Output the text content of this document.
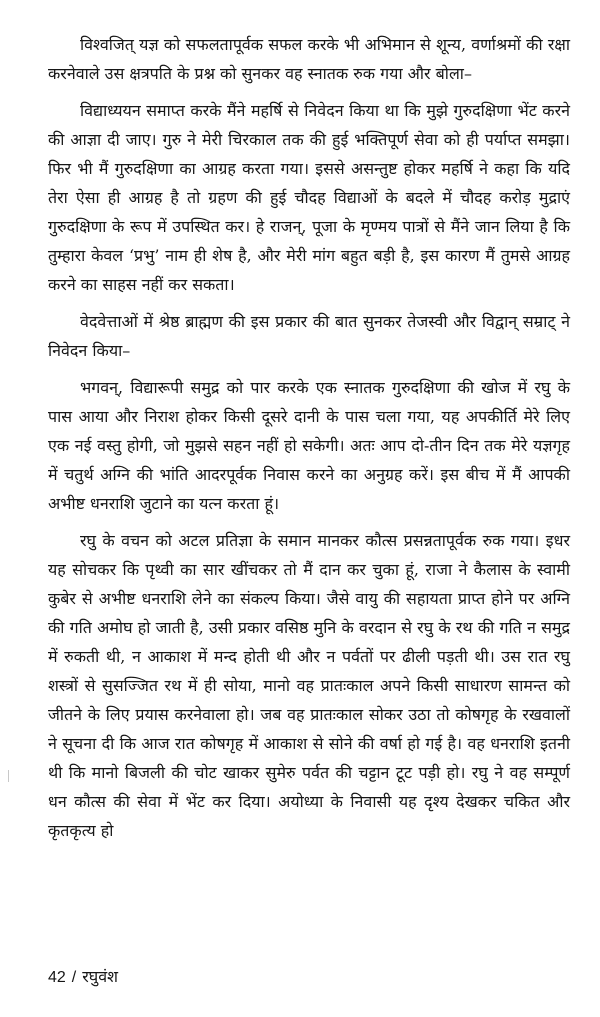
विश्वजित् यज्ञ को सफलतापूर्वक सफल करके भी अभिमान से शून्य, वर्णाश्रमों की रक्षा करनेवाले उस क्षत्रपति के प्रश्न को सुनकर वह स्नातक रुक गया और बोला–

विद्याध्ययन समाप्त करके मैंने महर्षि से निवेदन किया था कि मुझे गुरुदक्षिणा भेंट करने की आज्ञा दी जाए। गुरु ने मेरी चिरकाल तक की हुई भक्तिपूर्ण सेवा को ही पर्याप्त समझा। फिर भी मैं गुरुदक्षिणा का आग्रह करता गया। इससे असन्तुष्ट होकर महर्षि ने कहा कि यदि तेरा ऐसा ही आग्रह है तो ग्रहण की हुई चौदह विद्याओं के बदले में चौदह करोड़ मुद्राएं गुरुदक्षिणा के रूप में उपस्थित कर। हे राजन्, पूजा के मृण्मय पात्रों से मैंने जान लिया है कि तुम्हारा केवल ‘प्रभु’ नाम ही शेष है, और मेरी मांग बहुत बड़ी है, इस कारण मैं तुमसे आग्रह करने का साहस नहीं कर सकता।

वेदवेत्ताओं में श्रेष्ठ ब्राह्मण की इस प्रकार की बात सुनकर तेजस्वी और विद्वान् सम्राट् ने निवेदन किया–

भगवन्, विद्यारूपी समुद्र को पार करके एक स्नातक गुरुदक्षिणा की खोज में रघु के पास आया और निराश होकर किसी दूसरे दानी के पास चला गया, यह अपकीर्ति मेरे लिए एक नई वस्तु होगी, जो मुझसे सहन नहीं हो सकेगी। अतः आप दो-तीन दिन तक मेरे यज्ञगृह में चतुर्थ अग्नि की भांति आदरपूर्वक निवास करने का अनुग्रह करें। इस बीच में मैं आपकी अभीष्ट धनराशि जुटाने का यत्न करता हूं।

रघु के वचन को अटल प्रतिज्ञा के समान मानकर कौत्स प्रसन्नतापूर्वक रुक गया। इधर यह सोचकर कि पृथ्वी का सार खींचकर तो मैं दान कर चुका हूं, राजा ने कैलास के स्वामी कुबेर से अभीष्ट धनराशि लेने का संकल्प किया। जैसे वायु की सहायता प्राप्त होने पर अग्नि की गति अमोघ हो जाती है, उसी प्रकार वसिष्ठ मुनि के वरदान से रघु के रथ की गति न समुद्र में रुकती थी, न आकाश में मन्द होती थी और न पर्वतों पर ढीली पड़ती थी। उस रात रघु शस्त्रों से सुसज्जित रथ में ही सोया, मानो वह प्रातःकाल अपने किसी साधारण सामन्त को जीतने के लिए प्रयास करनेवाला हो। जब वह प्रातःकाल सोकर उठा तो कोषगृह के रखवालों ने सूचना दी कि आज रात कोषगृह में आकाश से सोने की वर्षा हो गई है। वह धनराशि इतनी थी कि मानो बिजली की चोट खाकर सुमेरु पर्वत की चट्टान टूट पड़ी हो। रघु ने वह सम्पूर्ण धन कौत्स की सेवा में भेंट कर दिया। अयोध्या के निवासी यह दृश्य देखकर चकित और कृतकृत्य हो

42 / रघुवंश
